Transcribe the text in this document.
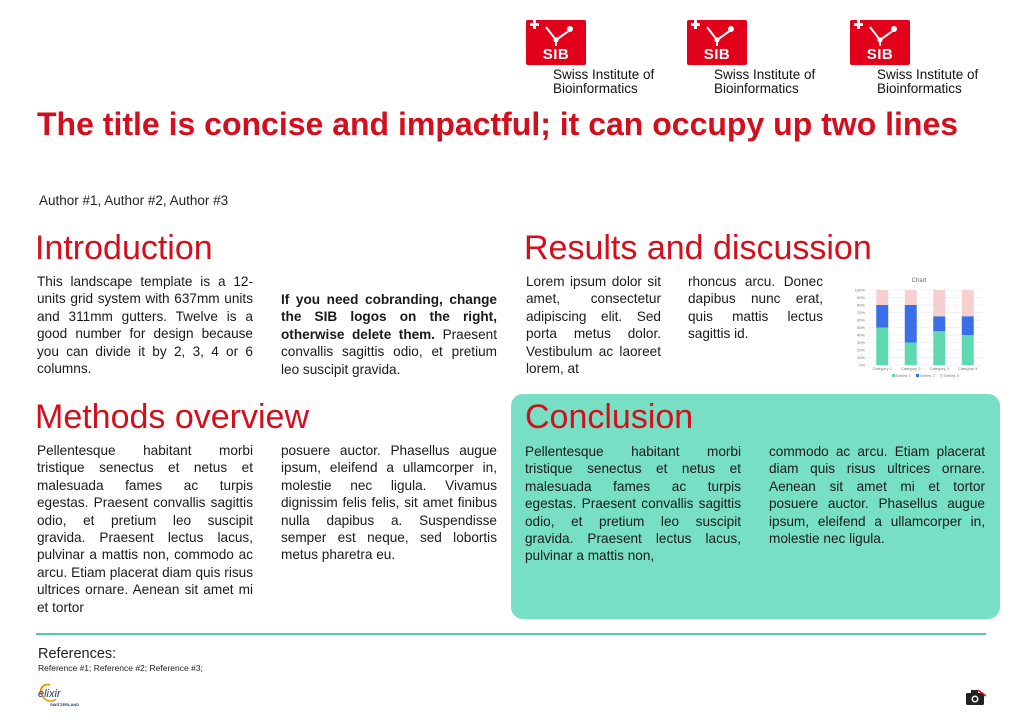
SIB
Swiss Institute of
Bioinformatics
SIB
Swiss Institute of
Bioinformatics
SIB
Swiss Institute of
Bioinformatics
The title is concise and impactful; it can occupy up two lines
Author #1, Author #2, Author #3
Introduction

This landscape template is a 12-units grid system with 637mm units and 311mm gutters. Twelve is a good number for design because you can divide it by 2, 3, 4 or 6 columns.

If you need cobranding, change the SIB logos on the right, otherwise delete them. Praesent convallis sagittis odio, et pretium leo suscipit gravida.

Results and discussion

Lorem ipsum dolor sit amet, consectetur adipiscing elit. Sed porta metus dolor. Vestibulum ac laoreet lorem, at

rhoncus arcu. Donec dapibus nunc erat, quis mattis lectus sagittis id.

Chart
0%
10%
20%
30%
40%
50%
60%
70%
80%
90%
100%
Category 1 Category 2 Category 3 Category 4
Series 1 Series 2 Series 3
Methods overview

Pellentesque habitant morbi tristique senectus et netus et malesuada fames ac turpis egestas. Praesent convallis sagittis odio, et pretium leo suscipit gravida. Praesent lectus lacus, pulvinar a mattis non, commodo ac arcu. Etiam placerat diam quis risus ultrices ornare. Aenean sit amet mi et tortor

posuere auctor. Phasellus augue ipsum, eleifend a ullamcorper in, molestie nec ligula. Vivamus dignissim felis felis, sit amet finibus nulla dapibus a. Suspendisse semper est neque, sed lobortis metus pharetra eu.

Conclusion

Pellentesque habitant morbi tristique senectus et netus et malesuada fames ac turpis egestas. Praesent convallis sagittis odio, et pretium leo suscipit gravida. Praesent lectus lacus, pulvinar a mattis non,

commodo ac arcu. Etiam placerat diam quis risus ultrices ornare. Aenean sit amet mi et tortor posuere auctor. Phasellus augue ipsum, eleifend a ullamcorper in, molestie nec ligula.

References:
Reference #1; Reference #2; Reference #3;
elixir
SWITZERLAND
